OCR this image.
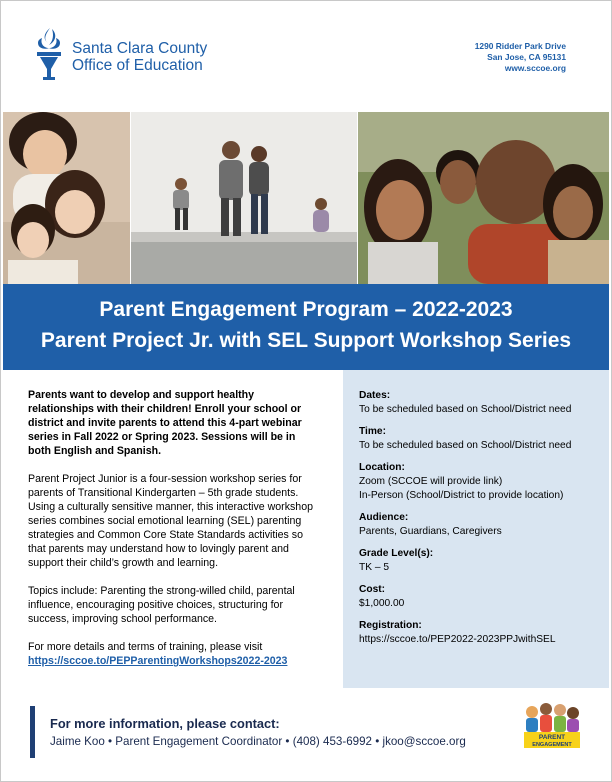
Santa Clara County
Office of Education
1290 Ridder Park Drive
San Jose, CA 95131
www.sccoe.org
Parent Engagement Program – 2022-2023
Parent Project Jr. with SEL Support Workshop Series

Parents want to develop and support healthy relationships with their children! Enroll your school or district and invite parents to attend this 4-part webinar series in Fall 2022 or Spring 2023. Sessions will be in both English and Spanish.

Parent Project Junior is a four-session workshop series for parents of Transitional Kindergarten – 5th grade students. Using a culturally sensitive manner, this interactive workshop series combines social emotional learning (SEL) parenting strategies and Common Core State Standards activities so that parents may understand how to lovingly parent and support their child’s growth and learning.

Topics include: Parenting the strong-willed child, parental influence, encouraging positive choices, structuring for success, improving school performance.

For more details and terms of training, please visit
https://sccoe.to/PEPParentingWorkshops2022-2023

Dates:
To be scheduled based on School/District need
Time:
To be scheduled based on School/District need
Location:
Zoom (SCCOE will provide link)
In-Person (School/District to provide location)
Audience:
Parents, Guardians, Caregivers
Grade Level(s):
TK – 5
Cost:
$1,000.00
Registration:
https://sccoe.to/PEP2022-2023PPJwithSEL
For more information, please contact:
Jaime Koo • Parent Engagement Coordinator • (408) 453-6992 • jkoo@sccoe.org	PARENT
ENGAGEMENT
